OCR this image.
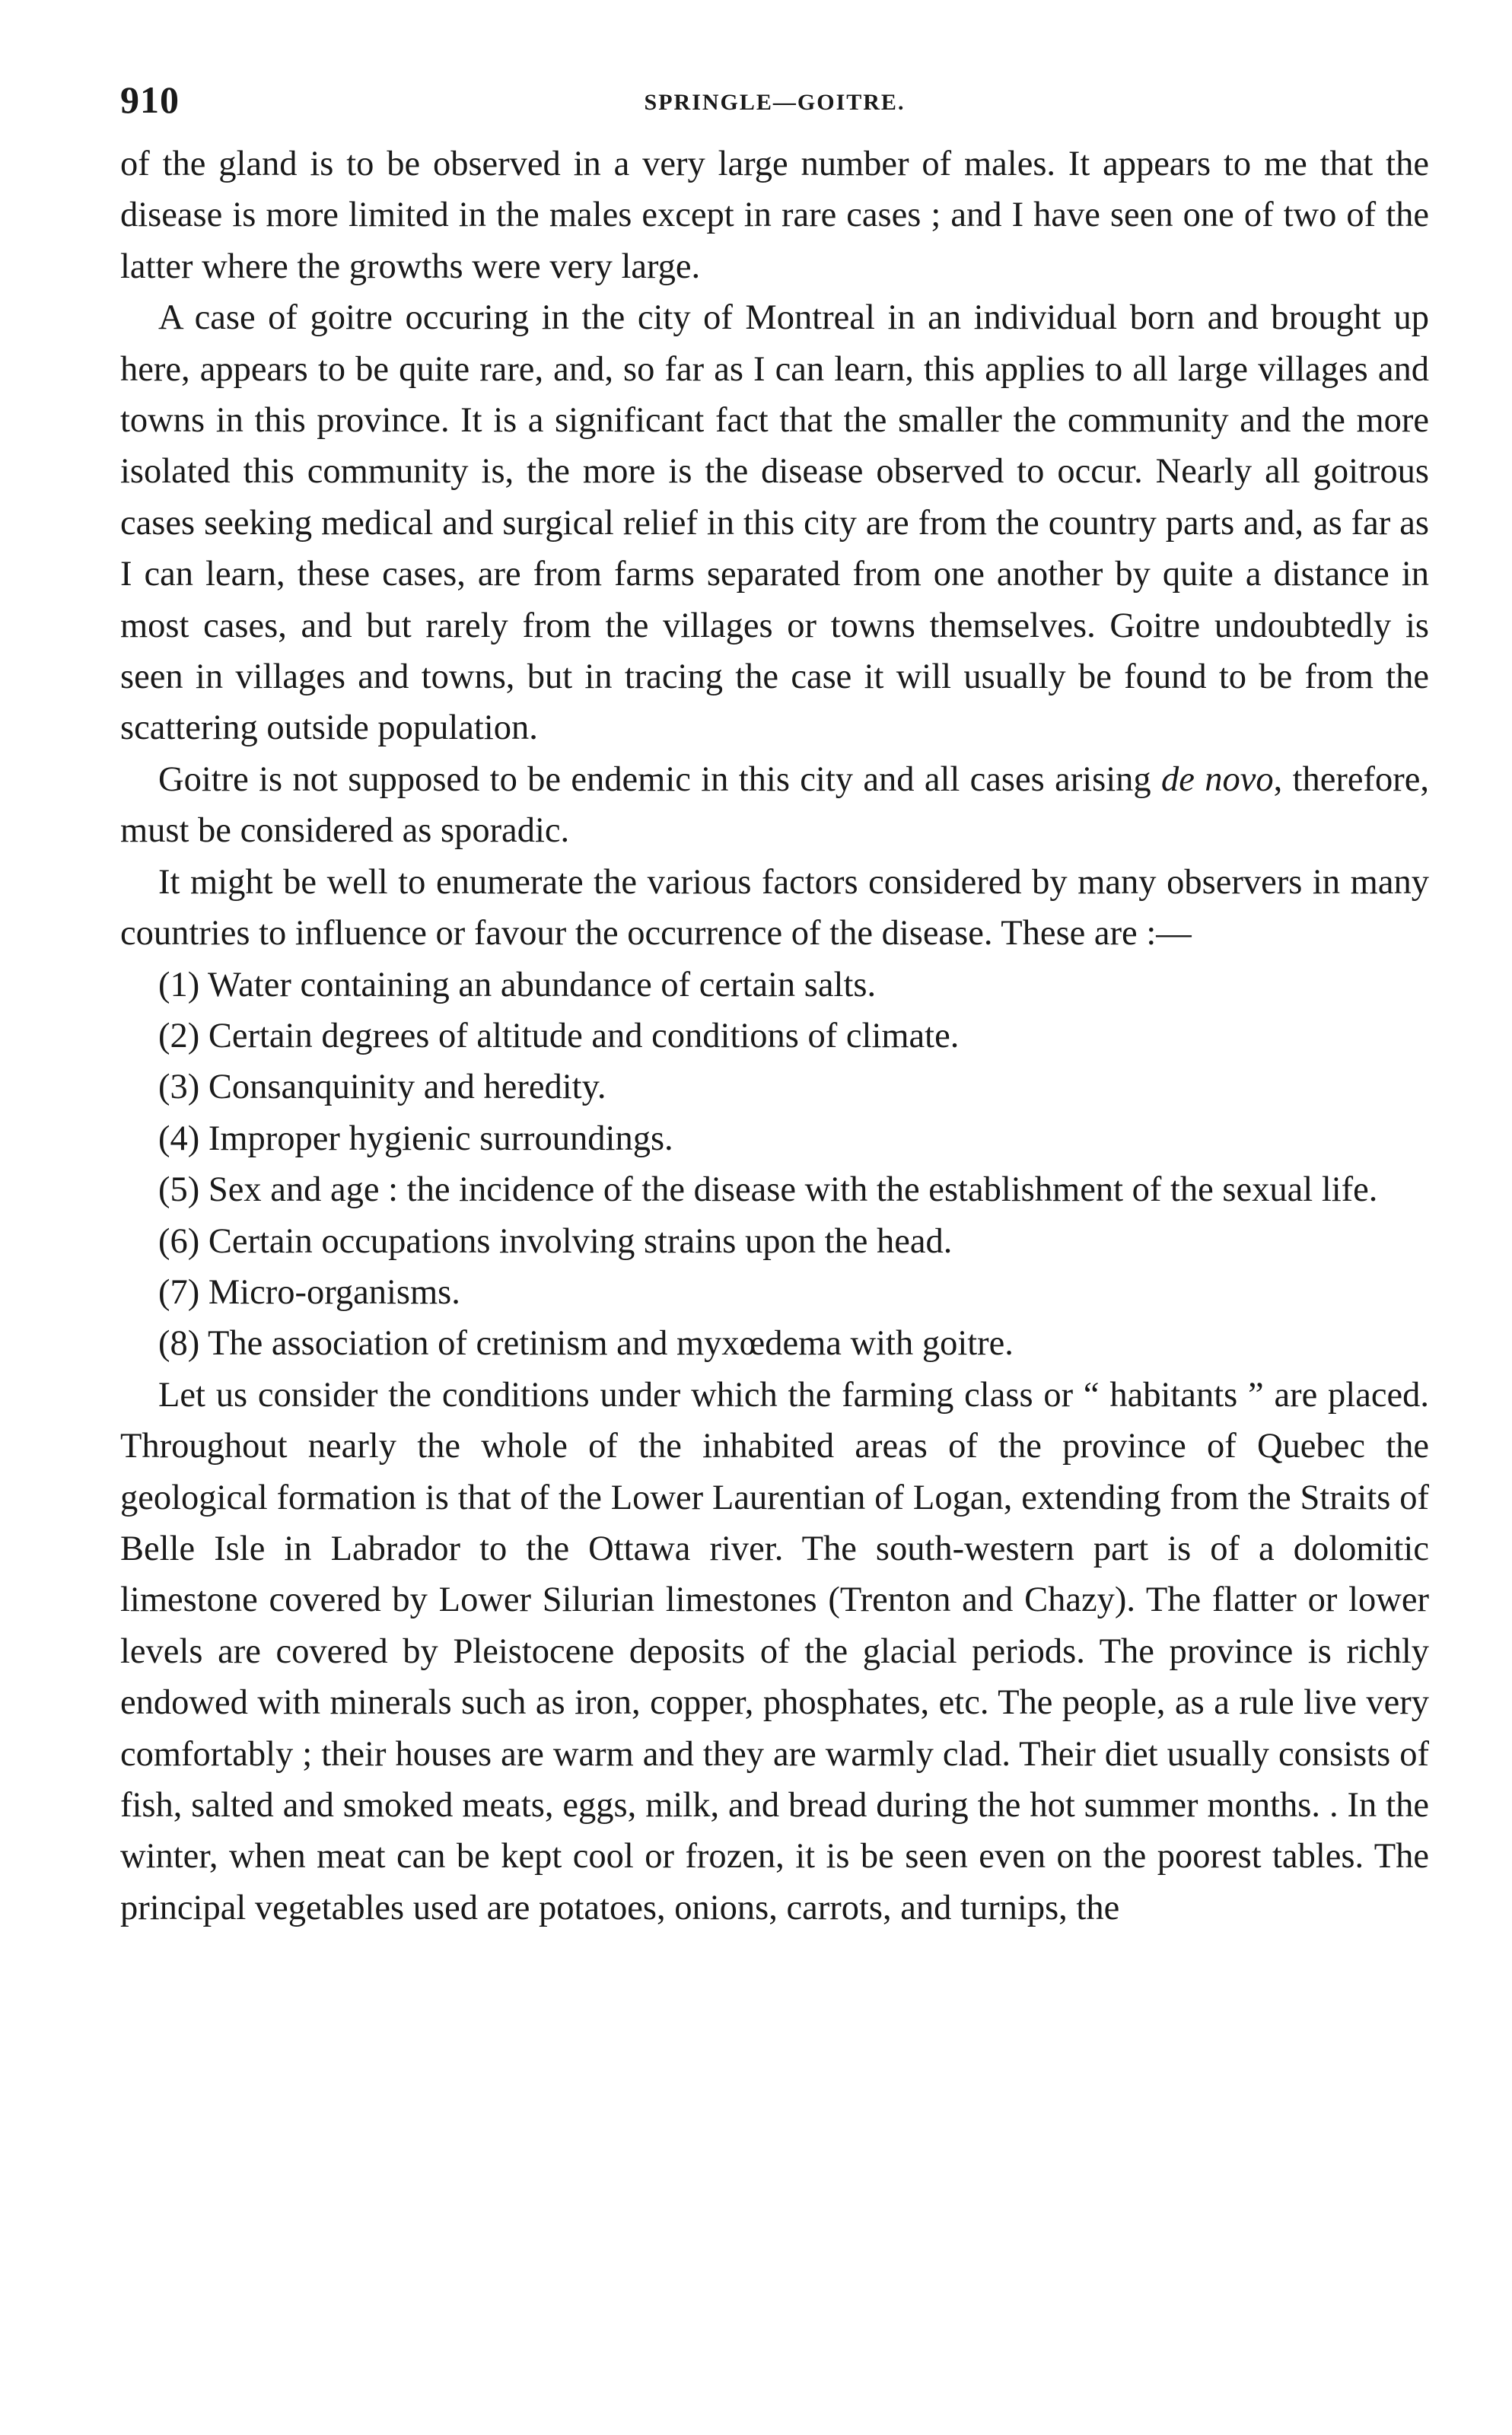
910	SPRINGLE—GOITRE.

of the gland is to be observed in a very large number of males. It appears to me that the disease is more limited in the males except in rare cases ; and I have seen one of two of the latter where the growths were very large.

A case of goitre occuring in the city of Montreal in an individual born and brought up here, appears to be quite rare, and, so far as I can learn, this applies to all large villages and towns in this province. It is a significant fact that the smaller the community and the more isolated this community is, the more is the disease observed to occur. Nearly all goitrous cases seeking medical and surgical relief in this city are from the country parts and, as far as I can learn, these cases, are from farms separated from one another by quite a distance in most cases, and but rarely from the villages or towns themselves. Goitre undoubtedly is seen in villages and towns, but in tracing the case it will usually be found to be from the scattering outside population.

Goitre is not supposed to be endemic in this city and all cases arising de novo, therefore, must be considered as sporadic.

It might be well to enumerate the various factors considered by many observers in many countries to influence or favour the occurrence of the disease. These are :—

(1) Water containing an abundance of certain salts.

(2) Certain degrees of altitude and conditions of climate.

(3) Consanquinity and heredity.

(4) Improper hygienic surroundings.

(5) Sex and age : the incidence of the disease with the establishment of the sexual life.

(6) Certain occupations involving strains upon the head.

(7) Micro-organisms.

(8) The association of cretinism and myxœdema with goitre.

Let us consider the conditions under which the farming class or “ habitants ” are placed. Throughout nearly the whole of the inhabited areas of the province of Quebec the geological formation is that of the Lower Laurentian of Logan, extending from the Straits of Belle Isle in Labrador to the Ottawa river. The south-western part is of a dolomitic limestone covered by Lower Silurian limestones (Trenton and Chazy). The flatter or lower levels are covered by Pleistocene deposits of the glacial periods. The province is richly endowed with minerals such as iron, copper, phosphates, etc. The people, as a rule live very comfortably ; their houses are warm and they are warmly clad. Their diet usually consists of fish, salted and smoked meats, eggs, milk, and bread during the hot summer months. . In the winter, when meat can be kept cool or frozen, it is be seen even on the poorest tables. The principal vegetables used are potatoes, onions, carrots, and turnips, the
